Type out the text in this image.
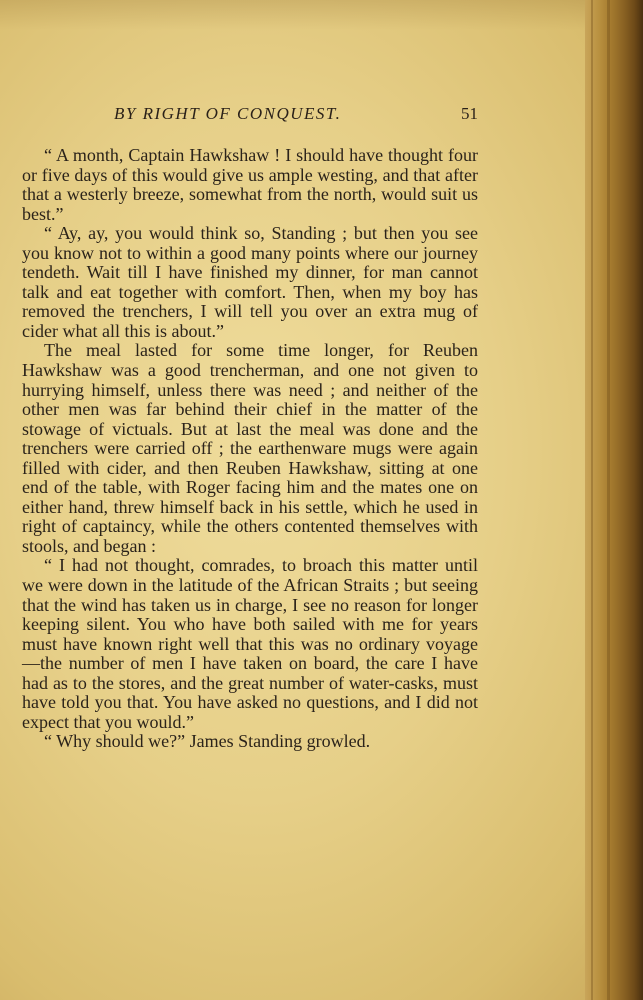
BY RIGHT OF CONQUEST.	51

“ A month, Captain Hawkshaw ! I should have thought four or five days of this would give us ample westing, and that after that a westerly breeze, somewhat from the north, would suit us best.”

“ Ay, ay, you would think so, Standing ; but then you see you know not to within a good many points where our journey tendeth. Wait till I have finished my dinner, for man cannot talk and eat together with comfort. Then, when my boy has removed the trenchers, I will tell you over an extra mug of cider what all this is about.”

The meal lasted for some time longer, for Reuben Hawkshaw was a good trencherman, and one not given to hurrying himself, unless there was need ; and neither of the other men was far behind their chief in the matter of the stowage of victuals. But at last the meal was done and the trenchers were carried off ; the earthenware mugs were again filled with cider, and then Reuben Hawkshaw, sitting at one end of the table, with Roger facing him and the mates one on either hand, threw himself back in his settle, which he used in right of captaincy, while the others contented themselves with stools, and began :

“ I had not thought, comrades, to broach this matter until we were down in the latitude of the African Straits ; but seeing that the wind has taken us in charge, I see no reason for longer keeping silent. You who have both sailed with me for years must have known right well that this was no ordinary voyage—the number of men I have taken on board, the care I have had as to the stores, and the great number of water-casks, must have told you that. You have asked no questions, and I did not expect that you would.”

“ Why should we?” James Standing growled.
